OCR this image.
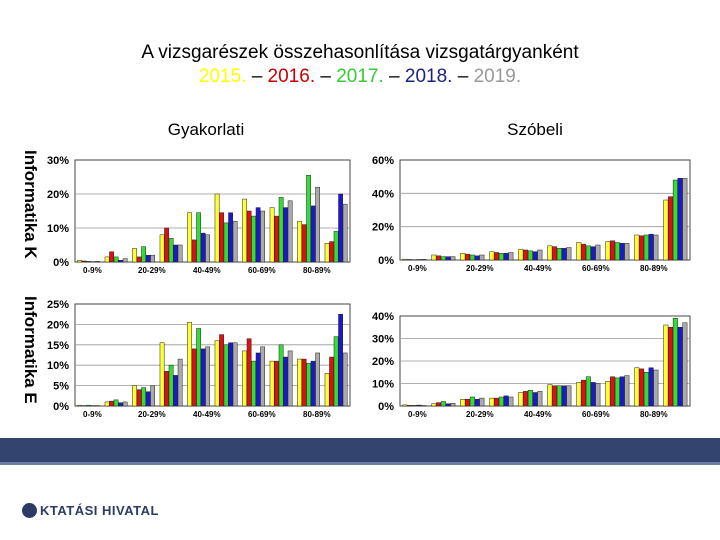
A vizsgarészek összehasonlítása vizsgatárgyanként
2015. – 2016. – 2017. – 2018. – 2019.
Gyakorlati	Szóbeli
Informatika K
Informatika E
0%
10%
20%
30%
0-9%	20-29%	40-49%	60-69%	80-89%
0%
20%
40%
60%
0-9%	20-29%	40-49%	60-69%	80-89%
0%
5%
10%
15%
20%
25%
0-9%	20-29%	40-49%	60-69%	80-89%
0%
10%
20%
30%
40%
0-9%	20-29%	40-49%	60-69%	80-89%
KTATÁSI HIVATAL
